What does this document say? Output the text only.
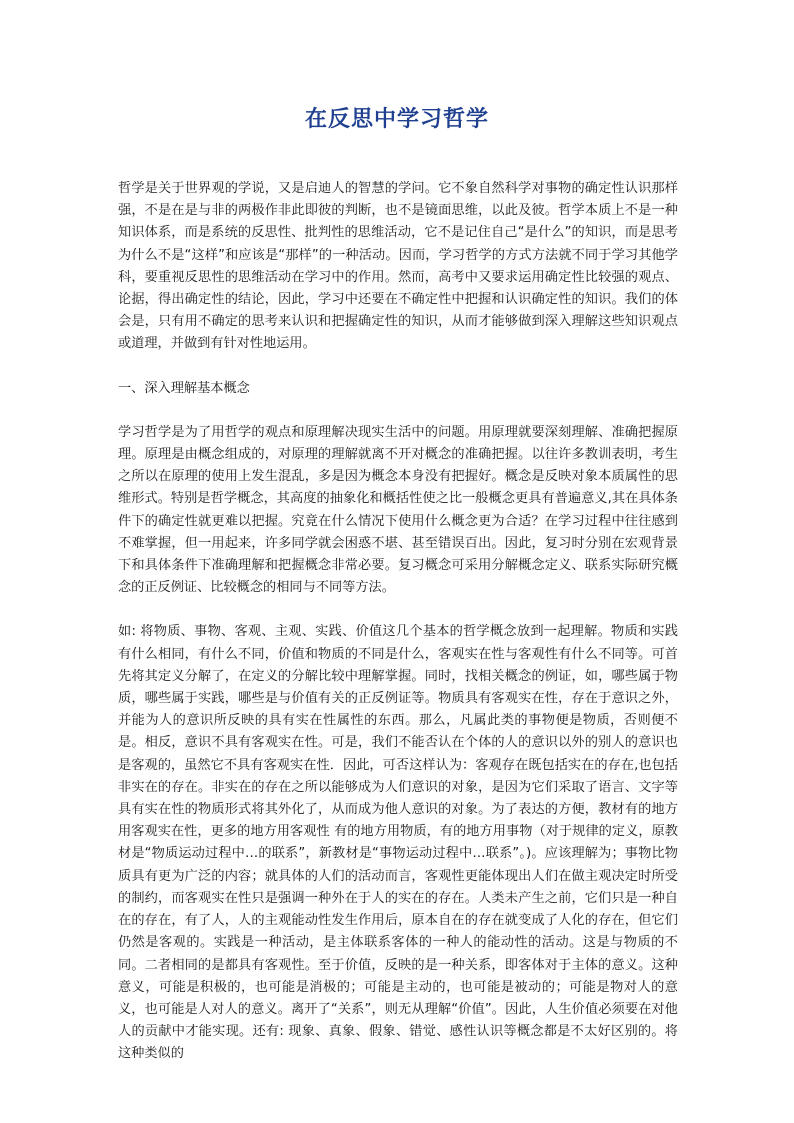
在反思中学习哲学

哲学是关于世界观的学说，又是启迪人的智慧的学问。它不象自然科学对事物的确定性认识那样强，不是在是与非的两极作非此即彼的判断，也不是镜面思维，以此及彼。哲学本质上不是一种知识体系，而是系统的反思性、批判性的思维活动，它不是记住自己“是什么”的知识，而是思考为什么不是“这样”和应该是“那样”的一种活动。因而，学习哲学的方式方法就不同于学习其他学科，要重视反思性的思维活动在学习中的作用。然而，高考中又要求运用确定性比较强的观点、论据，得出确定性的结论，因此，学习中还要在不确定性中把握和认识确定性的知识。我们的体会是，只有用不确定的思考来认识和把握确定性的知识，从而才能够做到深入理解这些知识观点或道理，并做到有针对性地运用。

一、深入理解基本概念

学习哲学是为了用哲学的观点和原理解决现实生活中的问题。用原理就要深刻理解、准确把握原理。原理是由概念组成的，对原理的理解就离不开对概念的准确把握。以往许多教训表明，考生之所以在原理的使用上发生混乱，多是因为概念本身没有把握好。概念是反映对象本质属性的思维形式。特别是哲学概念，其高度的抽象化和概括性使之比一般概念更具有普遍意义,其在具体条件下的确定性就更难以把握。究竟在什么情况下使用什么概念更为合适？在学习过程中往往感到不难掌握，但一用起来，许多同学就会困惑不堪、甚至错误百出。因此，复习时分别在宏观背景下和具体条件下准确理解和把握概念非常必要。复习概念可采用分解概念定义、联系实际研究概念的正反例证、比较概念的相同与不同等方法。

如: 将物质、事物、客观、主观、实践、价值这几个基本的哲学概念放到一起理解。物质和实践有什么相同，有什么不同，价值和物质的不同是什么，客观实在性与客观性有什么不同等。可首先将其定义分解了，在定义的分解比较中理解掌握。同时，找相关概念的例证，如，哪些属于物质，哪些属于实践，哪些是与价值有关的正反例证等。物质具有客观实在性，存在于意识之外，并能为人的意识所反映的具有实在性属性的东西。那么，凡属此类的事物便是物质，否则便不是。相反，意识不具有客观实在性。可是，我们不能否认在个体的人的意识以外的别人的意识也是客观的，虽然它不具有客观实在性．因此，可否这样认为：客观存在既包括实在的存在,也包括非实在的存在。非实在的存在之所以能够成为人们意识的对象，是因为它们采取了语言、文字等具有实在性的物质形式将其外化了，从而成为他人意识的对象。为了表达的方便，教材有的地方用客观实在性，更多的地方用客观性 有的地方用物质，有的地方用事物（对于规律的定义，原教材是“物质运动过程中…的联系”，新教材是“事物运动过程中…联系”。)。应该理解为；事物比物质具有更为广泛的内容；就具体的人们的活动而言，客观性更能体现出人们在做主观决定时所受的制约，而客观实在性只是强调一种外在于人的实在的存在。人类未产生之前，它们只是一种自在的存在，有了人，人的主观能动性发生作用后，原本自在的存在就变成了人化的存在，但它们仍然是客观的。实践是一种活动，是主体联系客体的一种人的能动性的活动。这是与物质的不同。二者相同的是都具有客观性。至于价值，反映的是一种关系，即客体对于主体的意义。这种意义，可能是积极的，也可能是消极的；可能是主动的，也可能是被动的；可能是物对人的意义，也可能是人对人的意义。离开了“关系”，则无从理解“价值”。因此，人生价值必须要在对他人的贡献中才能实现。还有: 现象、真象、假象、错觉、感性认识等概念都是不太好区别的。将这种类似的
